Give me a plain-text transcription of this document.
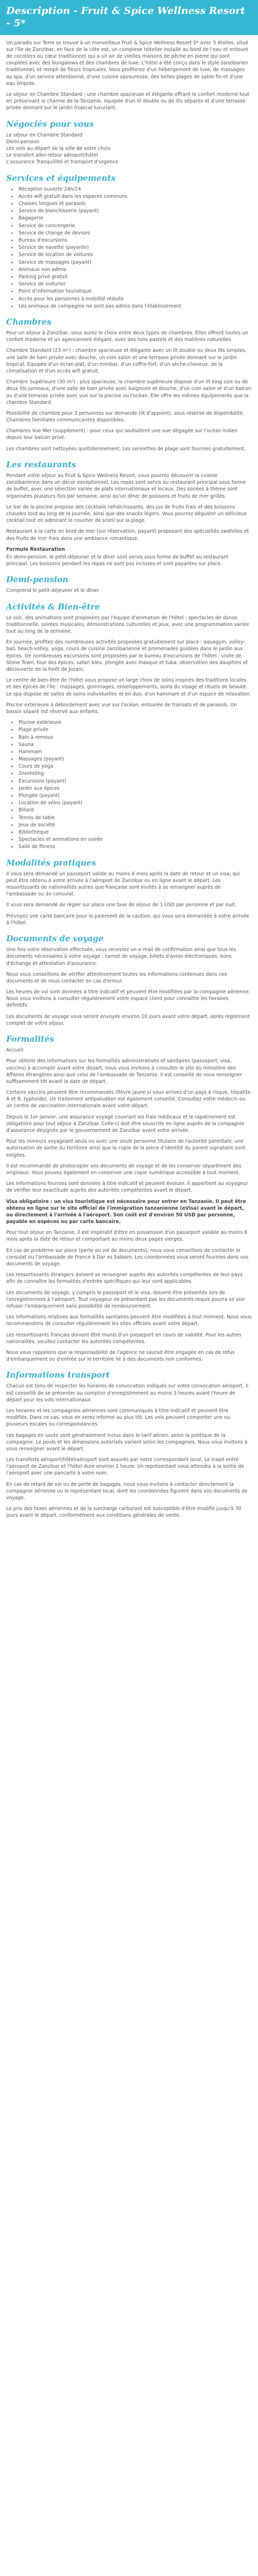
Description - Fruit & Spice Wellness Resort - 5*

Un paradis sur Terre se trouve à un merveilleux Fruit & Spice Wellness Resort 5* avec 5 étoiles, situé sur l'île de Zanzibar, en face de la côte est, un complexe hôtelier installé au bord de l'eau et entouré de cocotiers au cœur traditionnel qui a un air de vieilles maisons de pêche en pierre qui sont couplées avec des bungalows et des chambres de luxe. L'hôtel a été conçu dans le style zanzibarien traditionnel, et rempli de fleurs tropicales. Vous profiterez d'un hébergement de luxe, de massages au spa, d'un service attentionné, d'une cuisine savoureuse, des belles plages de sable fin et d'une eau limpide.

Le séjour en Chambre Standard : une chambre spacieuse et élégante offrant le confort moderne tout en préservant le charme de la Tanzanie, équipée d'un lit double ou de lits séparés et d'une terrasse privée donnant sur le jardin tropical luxuriant.

Négociés pour vous
Le séjour en Chambre Standard
Demi-pension
Les vols au départ de la ville de votre choix
Le transfert aller-retour aéroport/hôtel
L'assurance Tranquillité et transport d'urgence
Services et équipements
• Réception ouverte 24h/24
• Accès wifi gratuit dans les espaces communs
• Chaises longues et parasols
• Service de blanchisserie (payant)
• Bagagerie
• Service de conciergerie
• Service de change de devises
• Bureau d'excursions
• Service de navette (payante)
• Service de location de voitures
• Service de massages (payant)
• Animaux non admis
• Parking privé gratuit
• Service de voiturier
• Point d'information touristique
• Accès pour les personnes à mobilité réduite
• Les animaux de compagnie ne sont pas admis dans l'établissement
Chambres

Pour un séjour à Zanzibar, vous aurez le choix entre deux types de chambres. Elles offrent toutes un confort moderne et un agencement élégant, avec des tons pastels et des matières naturelles.

Chambre Standard (23 m²) : chambre spacieuse et élégante avec un lit double ou deux lits simples, une salle de bain privée avec douche, un coin salon et une terrasse privée donnant sur le jardin tropical. Equipée d'un écran plat, d'un minibar, d'un coffre-fort, d'un sèche-cheveux, de la climatisation et d'un accès wifi gratuit.

Chambre Supérieure (30 m²) : plus spacieuse, la chambre supérieure dispose d'un lit king size ou de deux lits jumeaux, d'une salle de bain privée avec baignoire et douche, d'un coin salon et d'un balcon ou d'une terrasse privée avec vue sur la piscine ou l'océan. Elle offre les mêmes équipements que la chambre Standard.

Possibilité de chambre pour 3 personnes sur demande (lit d'appoint), sous réserve de disponibilité. Chambres familiales communicantes disponibles.

Chambres Vue Mer (supplément) : pour ceux qui souhaitent une vue dégagée sur l'océan Indien depuis leur balcon privé.

Les chambres sont nettoyées quotidiennement. Les serviettes de plage sont fournies gratuitement.

Les restaurants

Pendant votre séjour au Fruit & Spice Wellness Resort, vous pourrez découvrir la cuisine zanzibarienne dans un décor exceptionnel. Les repas sont servis au restaurant principal sous forme de buffet, avec une sélection variée de plats internationaux et locaux. Des soirées à thème sont organisées plusieurs fois par semaine, ainsi qu'un dîner de poissons et fruits de mer grillés.

Le bar de la piscine propose des cocktails rafraîchissants, des jus de fruits frais et des boissons chaudes tout au long de la journée, ainsi que des snacks légers. Vous pourrez déguster un délicieux cocktail tout en admirant le coucher de soleil sur la plage.

Restaurant à la carte en bord de mer (sur réservation, payant) proposant des spécialités swahilies et des fruits de mer frais dans une ambiance romantique.

Formule Restauration

En demi-pension, le petit-déjeuner et le dîner sont servis sous forme de buffet au restaurant principal. Les boissons pendant les repas ne sont pas incluses et sont payantes sur place.

Demi-pension

Comprend le petit-déjeuner et le dîner.

Activités & Bien-être

Le soir, des animations sont proposées par l'équipe d'animation de l'hôtel : spectacles de danse traditionnelle, soirées musicales, démonstrations culturelles et jeux, avec une programmation variée tout au long de la semaine.

En journée, profitez des nombreuses activités proposées gratuitement sur place : aquagym, volley-ball, beach-volley, yoga, cours de cuisine zanzibarienne et promenades guidées dans le jardin aux épices. De nombreuses excursions sont proposées par le bureau d'excursions de l'hôtel : visite de Stone Town, tour des épices, safari bleu, plongée avec masque et tuba, observation des dauphins et découverte de la forêt de Jozani.

Le centre de bien-être de l'hôtel vous propose un large choix de soins inspirés des traditions locales et des épices de l'île : massages, gommages, enveloppements, soins du visage et rituels de beauté. Le spa dispose de salles de soins individuelles et en duo, d'un hammam et d'un espace de relaxation.

Piscine extérieure à débordement avec vue sur l'océan, entourée de transats et de parasols. Un bassin séparé est réservé aux enfants.

• Piscine extérieure
• Plage privée
• Bain à remous
• Sauna
• Hammam
• Massages (payant)
• Cours de yoga
• Snorkeling
• Excursions (payant)
• Jardin aux épices
• Plongée (payant)
• Location de vélos (payant)
• Billard
• Tennis de table
• Jeux de société
• Bibliothèque
• Spectacles et animations en soirée
• Salle de fitness
Modalités pratiques

Il vous sera demandé un passeport valide au moins 6 mois après la date de retour et un visa, qui peut être obtenu à votre arrivée à l'aéroport de Zanzibar ou en ligne avant le départ. Les ressortissants de nationalités autres que française sont invités à se renseigner auprès de l'ambassade ou du consulat.

Il vous sera demandé de régler sur place une taxe de séjour de 1 USD par personne et par nuit.

Prévoyez une carte bancaire pour le paiement de la caution, qui vous sera demandée à votre arrivée à l'hôtel.

Documents de voyage

Une fois votre réservation effectuée, vous recevrez un e-mail de confirmation ainsi que tous les documents nécessaires à votre voyage : carnet de voyage, billets d'avion électroniques, bons d'échange et attestation d'assurance.

Nous vous conseillons de vérifier attentivement toutes les informations contenues dans ces documents et de nous contacter en cas d'erreur.

Les heures de vol sont données à titre indicatif et peuvent être modifiées par la compagnie aérienne. Nous vous invitons à consulter régulièrement votre espace client pour connaître les horaires définitifs.

Les documents de voyage vous seront envoyés environ 10 jours avant votre départ, après règlement complet de votre séjour.

Formalités

Accueil

Pour obtenir des informations sur les formalités administratives et sanitaires (passeport, visa, vaccins) à accomplir avant votre départ, nous vous invitons à consulter le site du ministère des Affaires étrangères ainsi que celui de l'ambassade de Tanzanie. Il est conseillé de vous renseigner suffisamment tôt avant la date de départ.

Certains vaccins peuvent être recommandés (fièvre jaune si vous arrivez d'un pays à risque, hépatite A et B, typhoïde). Un traitement antipaludéen est également conseillé. Consultez votre médecin ou un centre de vaccination internationale avant votre départ.

Depuis le 1er janvier, une assurance voyage couvrant les frais médicaux et le rapatriement est obligatoire pour tout séjour à Zanzibar. Celle-ci doit être souscrite en ligne auprès de la compagnie d'assurance désignée par le gouvernement de Zanzibar avant votre arrivée.

Pour les mineurs voyageant seuls ou avec une seule personne titulaire de l'autorité parentale, une autorisation de sortie du territoire ainsi que la copie de la pièce d'identité du parent signataire sont exigées.

Il est recommandé de photocopier vos documents de voyage et de les conserver séparément des originaux. Vous pouvez également en conserver une copie numérique accessible à tout moment.

Les informations fournies sont données à titre indicatif et peuvent évoluer. Il appartient au voyageur de vérifier leur exactitude auprès des autorités compétentes avant le départ.

Visa obligatoire : un visa touristique est nécessaire pour entrer en Tanzanie. Il peut être obtenu en ligne sur le site officiel de l'immigration tanzanienne (eVisa) avant le départ, ou directement à l'arrivée à l'aéroport. Son coût est d'environ 50 USD par personne, payable en espèces ou par carte bancaire.

Pour tout séjour en Tanzanie, il est impératif d'être en possession d'un passeport valable au moins 6 mois après la date de retour et comportant au moins deux pages vierges.

En cas de problème sur place (perte ou vol de documents), nous vous conseillons de contacter le consulat ou l'ambassade de France à Dar es Salaam. Les coordonnées vous seront fournies dans vos documents de voyage.

Les ressortissants étrangers doivent se renseigner auprès des autorités compétentes de leur pays afin de connaître les formalités d'entrée spécifiques qui leur sont applicables.

Les documents de voyage, y compris le passeport et le visa, doivent être présentés lors de l'enregistrement à l'aéroport. Tout voyageur ne présentant pas les documents requis pourra se voir refuser l'embarquement sans possibilité de remboursement.

Les informations relatives aux formalités sanitaires peuvent être modifiées à tout moment. Nous vous recommandons de consulter régulièrement les sites officiels avant votre départ.

Les ressortissants français doivent être munis d'un passeport en cours de validité. Pour les autres nationalités, veuillez contacter les autorités compétentes.

Nous vous rappelons que la responsabilité de l'agence ne saurait être engagée en cas de refus d'embarquement ou d'entrée sur le territoire lié à des documents non conformes.

Informations transport

Chacun est tenu de respecter les horaires de convocation indiqués sur votre convocation aéroport. Il est conseillé de se présenter au comptoir d'enregistrement au moins 3 heures avant l'heure de départ pour les vols internationaux.

Les horaires et les compagnies aériennes sont communiqués à titre indicatif et peuvent être modifiés. Dans ce cas, vous en serez informé au plus tôt. Les vols peuvent comporter une ou plusieurs escales ou correspondances.

Les bagages en soute sont généralement inclus dans le tarif aérien, selon la politique de la compagnie. Le poids et les dimensions autorisés varient selon les compagnies. Nous vous invitons à vous renseigner avant le départ.

Les transferts aéroport/hôtel/aéroport sont assurés par notre correspondant local. Le trajet entre l'aéroport de Zanzibar et l'hôtel dure environ 1 heure. Un représentant vous attendra à la sortie de l'aéroport avec une pancarte à votre nom.

En cas de retard de vol ou de perte de bagages, nous vous invitons à contacter directement la compagnie aérienne ou le représentant local, dont les coordonnées figurent dans vos documents de voyage.

Le prix des taxes aériennes et de la surcharge carburant est susceptible d'être modifié jusqu'à 30 jours avant le départ, conformément aux conditions générales de vente.
